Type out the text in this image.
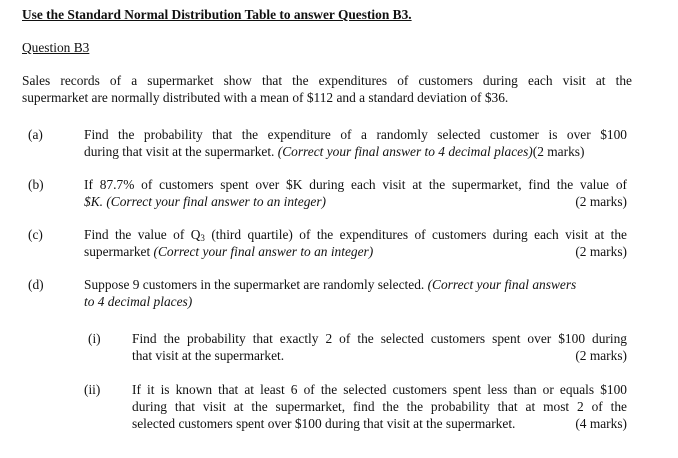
Use the Standard Normal Distribution Table to answer Question B3.
Question B3
Sales records of a supermarket show that the expenditures of customers during each visit at the
supermarket are normally distributed with a mean of $112 and a standard deviation of $36.
(a)	Find the probability that the expenditure of a randomly selected customer is over $100
during that visit at the supermarket. (Correct your final answer to 4 decimal places)(2 marks)
(b)	If 87.7% of customers spent over $K during each visit at the supermarket, find the value of
$K. (Correct your final answer to an integer)	(2 marks)
(c)	Find the value of $Q_3$ (third quartile) of the expenditures of customers during each visit at the
supermarket (Correct your final answer to an integer)	(2 marks)
(d)	Suppose 9 customers in the supermarket are randomly selected. (Correct your final answers
to 4 decimal places)
(i) Find the probability that exactly 2 of the selected customers spent over $100 during
that visit at the supermarket.	(2 marks)
(ii) If it is known that at least 6 of the selected customers spent less than or equals $100
during that visit at the supermarket, find the the probability that at most 2 of the
selected customers spent over $100 during that visit at the supermarket.	(4 marks)
